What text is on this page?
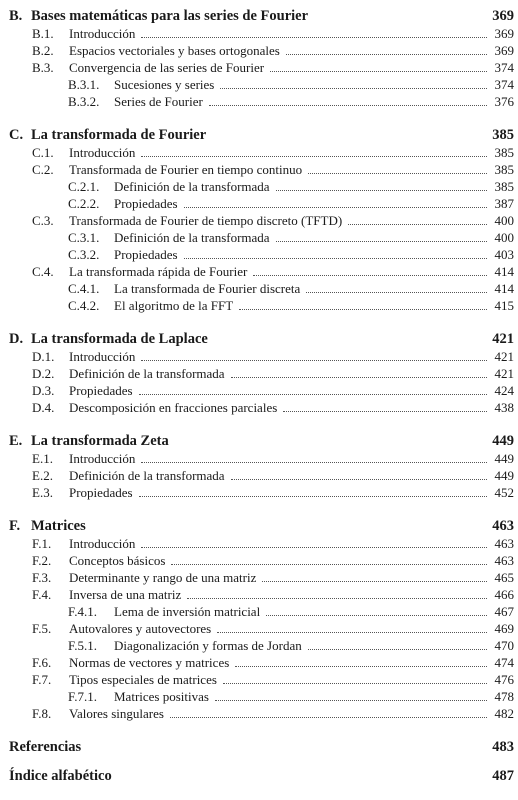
B. Bases matemáticas para las series de Fourier	369
B.1. Introducción	369
B.2. Espacios vectoriales y bases ortogonales	369
B.3. Convergencia de las series de Fourier	374
B.3.1. Sucesiones y series	374
B.3.2. Series de Fourier	376
C. La transformada de Fourier	385
C.1. Introducción	385
C.2. Transformada de Fourier en tiempo continuo	385
C.2.1. Definición de la transformada	385
C.2.2. Propiedades	387
C.3. Transformada de Fourier de tiempo discreto (TFTD)	400
C.3.1. Definición de la transformada	400
C.3.2. Propiedades	403
C.4. La transformada rápida de Fourier	414
C.4.1. La transformada de Fourier discreta	414
C.4.2. El algoritmo de la FFT	415
D. La transformada de Laplace	421
D.1. Introducción	421
D.2. Definición de la transformada	421
D.3. Propiedades	424
D.4. Descomposición en fracciones parciales	438
E. La transformada Zeta	449
E.1. Introducción	449
E.2. Definición de la transformada	449
E.3. Propiedades	452
F. Matrices	463
F.1. Introducción	463
F.2. Conceptos básicos	463
F.3. Determinante y rango de una matriz	465
F.4. Inversa de una matriz	466
F.4.1. Lema de inversión matricial	467
F.5. Autovalores y autovectores	469
F.5.1. Diagonalización y formas de Jordan	470
F.6. Normas de vectores y matrices	474
F.7. Tipos especiales de matrices	476
F.7.1. Matrices positivas	478
F.8. Valores singulares	482
Referencias	483
Índice alfabético	487
